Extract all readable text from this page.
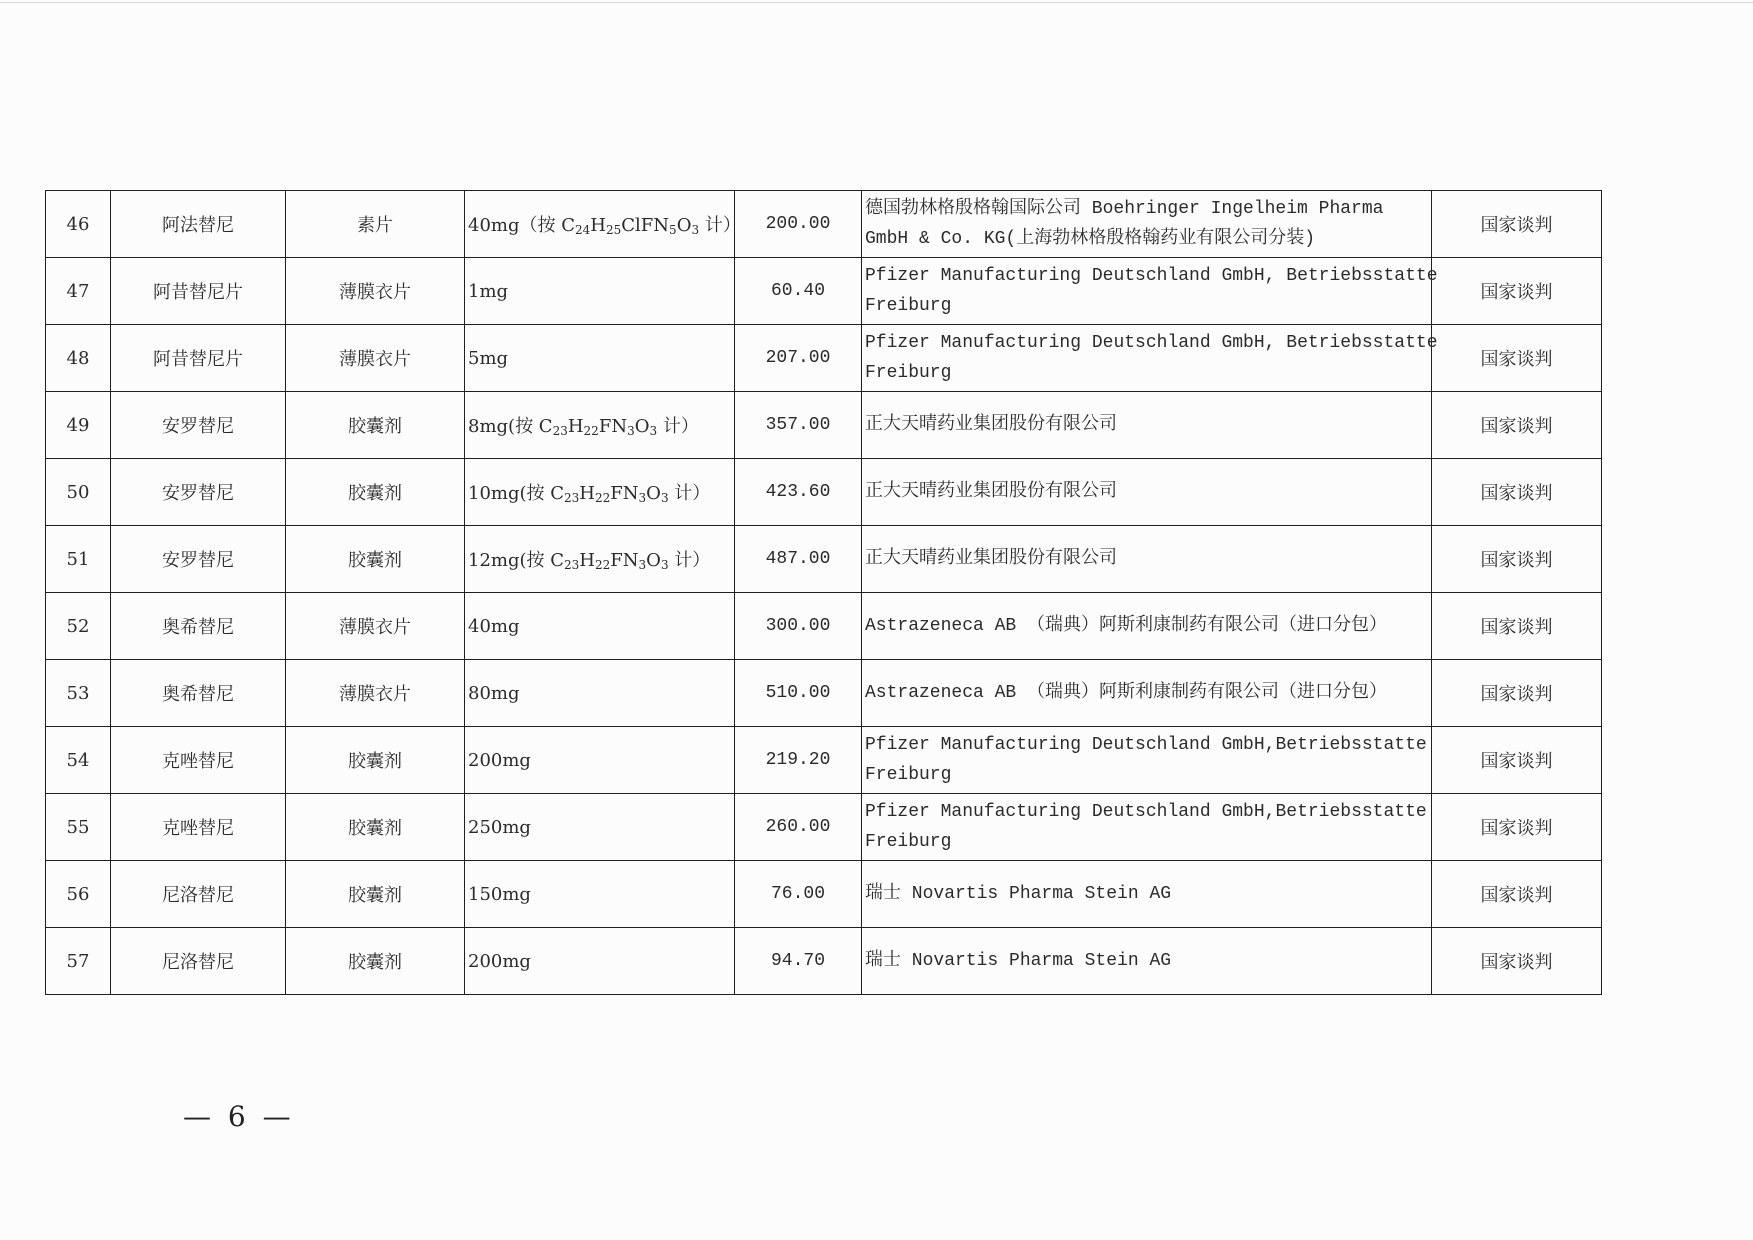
46	阿法替尼	素片	40mg（按 $C_{24}H_{25}ClFN_5O_3$ 计）	200.00	德国勃林格殷格翰国际公司 Boehringer Ingelheim Pharma
GmbH & Co. KG(上海勃林格殷格翰药业有限公司分装)	国家谈判
47	阿昔替尼片	薄膜衣片	1mg	60.40	Pfizer Manufacturing Deutschland GmbH, Betriebsstatte
Freiburg	国家谈判
48	阿昔替尼片	薄膜衣片	5mg	207.00	Pfizer Manufacturing Deutschland GmbH, Betriebsstatte
Freiburg	国家谈判
49	安罗替尼	胶囊剂	8mg(按 $C_{23}H_{22}FN_3O_3$ 计）	357.00	正大天晴药业集团股份有限公司	国家谈判
50	安罗替尼	胶囊剂	10mg(按 $C_{23}H_{22}FN_3O_3$ 计）	423.60	正大天晴药业集团股份有限公司	国家谈判
51	安罗替尼	胶囊剂	12mg(按 $C_{23}H_{22}FN_3O_3$ 计）	487.00	正大天晴药业集团股份有限公司	国家谈判
52	奥希替尼	薄膜衣片	40mg	300.00	Astrazeneca AB （瑞典）阿斯利康制药有限公司（进口分包）	国家谈判
53	奥希替尼	薄膜衣片	80mg	510.00	Astrazeneca AB （瑞典）阿斯利康制药有限公司（进口分包）	国家谈判
54	克唑替尼	胶囊剂	200mg	219.20	Pfizer Manufacturing Deutschland GmbH,Betriebsstatte
Freiburg	国家谈判
55	克唑替尼	胶囊剂	250mg	260.00	Pfizer Manufacturing Deutschland GmbH,Betriebsstatte
Freiburg	国家谈判
56	尼洛替尼	胶囊剂	150mg	76.00	瑞士 Novartis Pharma Stein AG	国家谈判
57	尼洛替尼	胶囊剂	200mg	94.70	瑞士 Novartis Pharma Stein AG	国家谈判
— 6 —
